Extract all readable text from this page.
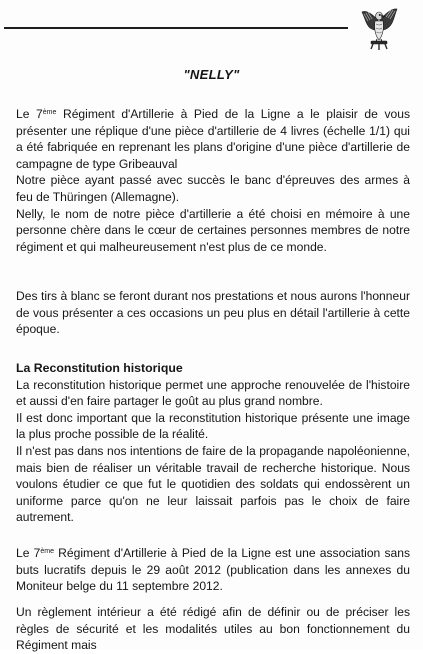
"NELLY"

Le 7ème Régiment d'Artillerie à Pied de la Ligne a le plaisir de vous présenter une réplique d'une pièce d'artillerie de 4 livres (échelle 1/1) qui a été fabriquée en reprenant les plans d'origine d'une pièce d'artillerie de campagne de type Gribeauval

Notre pièce ayant passé avec succès le banc d'épreuves des armes à feu de Thüringen (Allemagne).

Nelly, le nom de notre pièce d'artillerie a été choisi en mémoire à une personne chère dans le cœur de certaines personnes membres de notre régiment et qui malheureusement n'est plus de ce monde.

Des tirs à blanc se feront durant nos prestations et nous aurons l'honneur de vous présenter a ces occasions un peu plus en détail l'artillerie à cette époque.

La Reconstitution historique

La reconstitution historique permet une approche renouvelée de l'histoire et aussi d'en faire partager le goût au plus grand nombre.

Il est donc important que la reconstitution historique présente une image la plus proche possible de la réalité.

Il n'est pas dans nos intentions de faire de la propagande napoléonienne, mais bien de réaliser un véritable travail de recherche historique. Nous voulons étudier ce que fut le quotidien des soldats qui endossèrent un uniforme parce qu'on ne leur laissait parfois pas le choix de faire autrement.

Le 7ème Régiment d'Artillerie à Pied de la Ligne est une association sans buts lucratifs depuis le 29 août 2012 (publication dans les annexes du Moniteur belge du 11 septembre 2012.

Un règlement intérieur a été rédigé afin de définir ou de préciser les règles de sécurité et les modalités utiles au bon fonctionnement du Régiment mais
